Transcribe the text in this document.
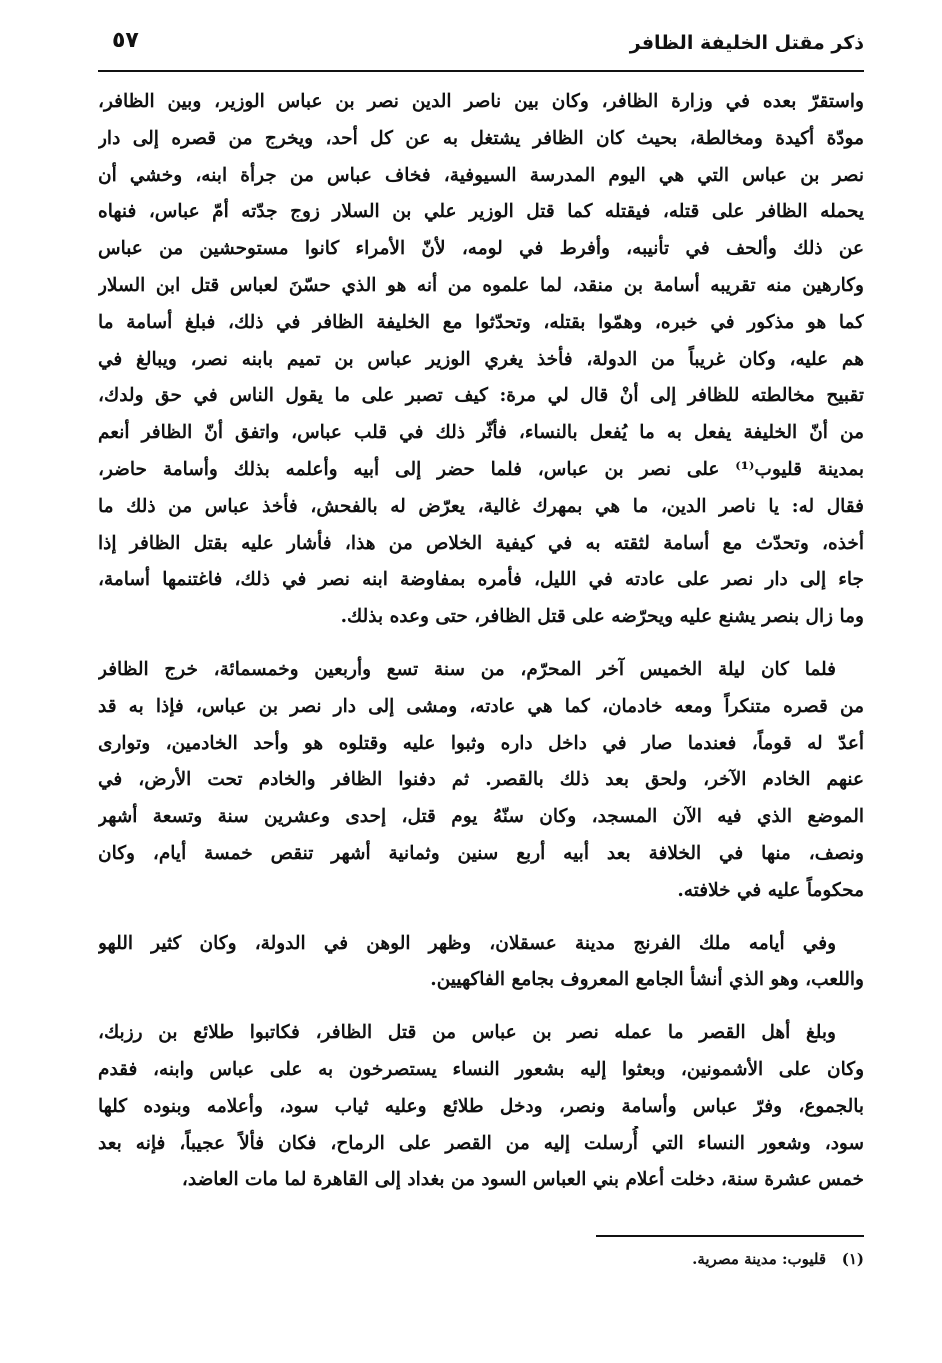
ذكر مقتل الخليفة الظافر
٥٧
واستقرّ بعده في وزارة الظافر، وكان بين ناصر الدين نصر بن عباس الوزير، وبين الظافر،
مودّة أكيدة ومخالطة، بحيث كان الظافر يشتغل به عن كل أحد، ويخرج من قصره إلى دار
نصر بن عباس التي هي اليوم المدرسة السيوفية، فخاف عباس من جرأة ابنه، وخشي أن
يحمله الظافر على قتله، فيقتله كما قتل الوزير علي بن السلار زوج جدّته أمّ عباس، فنهاه
عن ذلك وألحف في تأنيبه، وأفرط في لومه، لأنّ الأمراء كانوا مستوحشين من عباس
وكارهين منه تقريبه أسامة بن منقد، لما علموه من أنه هو الذي حسّنَ لعباس قتل ابن السلار
كما هو مذكور في خبره، وهمّوا بقتله، وتحدّثوا مع الخليفة الظافر في ذلك، فبلغ أسامة ما
هم عليه، وكان غريباً من الدولة، فأخذ يغري الوزير عباس بن تميم بابنه نصر، ويبالغ في
تقبيح مخالطته للظافر إلى أنْ قال لي مرة: كيف تصبر على ما يقول الناس في حق ولدك،
من أنّ الخليفة يفعل به ما يُفعل بالنساء، فأثّر ذلك في قلب عباس، واتفق أنّ الظافر أنعم
بمدينة قليوب⁽¹⁾ على نصر بن عباس، فلما حضر إلى أبيه وأعلمه بذلك وأسامة حاضر،
فقال له: يا ناصر الدين، ما هي بمهرك غالية، يعرّض له بالفحش، فأخذ عباس من ذلك ما
أخذه، وتحدّث مع أسامة لثقته به في كيفية الخلاص من هذا، فأشار عليه بقتل الظافر إذا
جاء إلى دار نصر على عادته في الليل، فأمره بمفاوضة ابنه نصر في ذلك، فاغتنمها أسامة،
وما زال بنصر يشنع عليه ويحرّضه على قتل الظافر، حتى وعده بذلك.
فلما كان ليلة الخميس آخر المحرّم، من سنة تسع وأربعين وخمسمائة، خرج الظافر
من قصره متنكراً ومعه خادمان، كما هي عادته، ومشى إلى دار نصر بن عباس، فإذا به قد
أعدّ له قوماً، فعندما صار في داخل داره وثبوا عليه وقتلوه هو وأحد الخادمين، وتوارى
عنهم الخادم الآخر، ولحق بعد ذلك بالقصر. ثم دفنوا الظافر والخادم تحت الأرض، في
الموضع الذي فيه الآن المسجد، وكان سنّهُ يوم قتل، إحدى وعشرين سنة وتسعة أشهر
ونصف، منها في الخلافة بعد أبيه أربع سنين وثمانية أشهر تنقص خمسة أيام، وكان
محكوماً عليه في خلافته.
وفي أيامه ملك الفرنج مدينة عسقلان، وظهر الوهن في الدولة، وكان كثير اللهو
واللعب، وهو الذي أنشأ الجامع المعروف بجامع الفاكهيين.
وبلغ أهل القصر ما عمله نصر بن عباس من قتل الظافر، فكاتبوا طلائع بن رزبك،
وكان على الأشمونين، وبعثوا إليه بشعور النساء يستصرخون به على عباس وابنه، فقدم
بالجموع، وفرّ عباس وأسامة ونصر، ودخل طلائع وعليه ثياب سود، وأعلامه وبنوده كلها
سود، وشعور النساء التي أُرسلت إليه من القصر على الرماح، فكان فألاً عجيباً، فإنه بعد
خمس عشرة سنة، دخلت أعلام بني العباس السود من بغداد إلى القاهرة لما مات العاضد،
(١)   قليوب: مدينة مصرية.
